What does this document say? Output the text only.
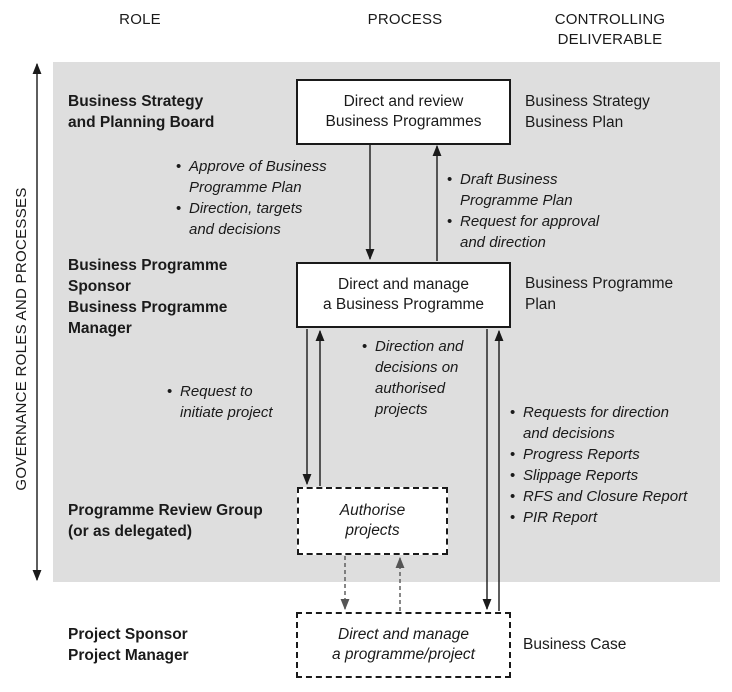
ROLE	PROCESS	CONTROLLING
DELIVERABLE
GOVERNANCE ROLES AND PROCESSES
Business Strategy
and Planning Board
Business Programme
Sponsor
Business Programme
Manager
Programme Review Group
(or as delegated)
Project Sponsor
Project Manager
Direct and review
Business Programmes
Direct and manage
a Business Programme
Authorise
projects
Direct and manage
a programme/project
Business Strategy
Business Plan
Business Programme
Plan
Business Case
• Approve of Business
Programme Plan
• Direction, targets
and decisions
• Draft Business
Programme Plan
• Request for approval
and direction
• Request to
initiate project
• Direction and
decisions on
authorised
projects
•	Requests for direction
and decisions
• Progress Reports
• Slippage Reports
• RFS and Closure Report
• PIR Report
